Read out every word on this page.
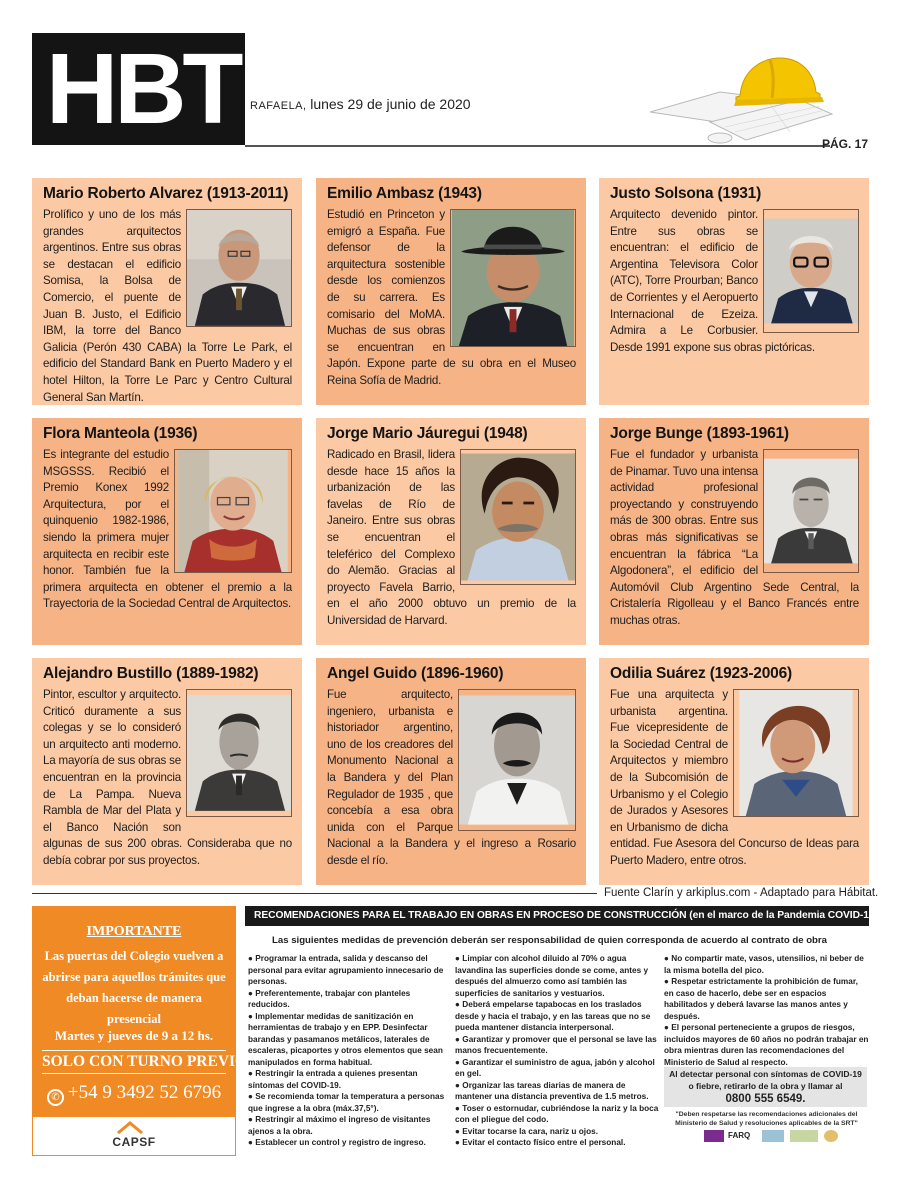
HBT RAFAELA, lunes 29 de junio de 2020
PÁG. 17
Mario Roberto Alvarez (1913-2011)

Prolífico y uno de los más grandes arquitectos argentinos. Entre sus obras se destacan el edificio Somisa, la Bolsa de Comercio, el puente de Juan B. Justo, el Edificio IBM, la torre del Banco Galicia (Perón 430 CABA) la Torre Le Park, el edificio del Standard Bank en Puerto Madero y el hotel Hilton, la Torre Le Parc y Centro Cultural General San Martín.

Emilio Ambasz (1943)

Estudió en Princeton y emigró a España. Fue defensor de la arquitectura sostenible desde los comienzos de su carrera. Es comisario del MoMA. Muchas de sus obras se encuentran en Japón. Expone parte de su obra en el Museo Reina Sofía de Madrid.

Justo Solsona (1931)

Arquitecto devenido pintor. Entre sus obras se encuentran: el edificio de Argentina Televisora Color (ATC), Torre Prourban; Banco de Corrientes y el Aeropuerto Internacional de Ezeiza. Admira a Le Corbusier. Desde 1991 expone sus obras pictóricas.

Flora Manteola (1936)

Es integrante del estudio MSGSSS. Recibió el Premio Konex 1992 Arquitectura, por el quinquenio 1982-1986, siendo la primera mujer arquitecta en recibir este honor. También fue la primera arquitecta en obtener el premio a la Trayectoria de la Sociedad Central de Arquitectos.

Jorge Mario Jáuregui (1948)

Radicado en Brasil, lidera desde hace 15 años la urbanización de las favelas de Río de Janeiro. Entre sus obras se encuentran el teleférico del Complexo do Alemão. Gracias al proyecto Favela Barrio, en el año 2000 obtuvo un premio de la Universidad de Harvard.

Jorge Bunge (1893-1961)

Fue el fundador y urbanista de Pinamar. Tuvo una intensa actividad profesional proyectando y construyendo más de 300 obras. Entre sus obras más significativas se encuentran la fábrica “La Algodonera”, el edificio del Automóvil Club Argentino Sede Central, la Cristalería Rigolleau y el Banco Francés entre muchas otras.

Alejandro Bustillo (1889-1982)

Pintor, escultor y arquitecto. Criticó duramente a sus colegas y se lo consideró un arquitecto anti moderno. La mayoría de sus obras se encuentran en la provincia de La Pampa. Nueva Rambla de Mar del Plata y el Banco Nación son algunas de sus 200 obras. Consideraba que no debía cobrar por sus proyectos.

Angel Guido (1896-1960)

Fue arquitecto, ingeniero, urbanista e historiador argentino, uno de los creadores del Monumento Nacional a la Bandera y del Plan Regulador de 1935 , que concebía a esa obra unida con el Parque Nacional a la Bandera y el ingreso a Rosario desde el río.

Odilia Suárez (1923-2006)

Fue una arquitecta y urbanista argentina. Fue vicepresidente de la Sociedad Central de Arquitectos y miembro de la Subcomisión de Urbanismo y el Colegio de Jurados y Asesores en Urbanismo de dicha entidad. Fue Asesora del Concurso de Ideas para Puerto Madero, entre otros.

Fuente Clarín y arkiplus.com - Adaptado para Hábitat.
IMPORTANTE
Las puertas del Colegio vuelven a abrirse para aquellos trámites que deban hacerse de manera presencial
Martes y jueves de 9 a 12 hs.
SOLO CON TURNO PREVIO
✆ +54 9 3492 52 6796
CAPSF
RECOMENDACIONES PARA EL TRABAJO EN OBRAS EN PROCESO DE CONSTRUCCIÓN (en el marco de la Pandemia COVID-19)
Las siguientes medidas de prevención deberán ser responsabilidad de quien corresponda de acuerdo al contrato de obra

● Programar la entrada, salida y descanso del personal para evitar agrupamiento innecesario de personas.

● Preferentemente, trabajar con planteles reducidos.

● Implementar medidas de sanitización en herramientas de trabajo y en EPP. Desinfectar barandas y pasamanos metálicos, laterales de escaleras, picaportes y otros elementos que sean manipulados en forma habitual.

● Restringir la entrada a quienes presentan síntomas del COVID-19.

● Se recomienda tomar la temperatura a personas que ingrese a la obra (máx.37,5°).

● Restringir al máximo el ingreso de visitantes ajenos a la obra.

● Establecer un control y registro de ingreso.

● Limpiar con alcohol diluido al 70% o agua lavandina las superficies donde se come, antes y después del almuerzo como así también las superficies de sanitarios y vestuarios.

● Deberá empelarse tapabocas en los traslados desde y hacia el trabajo, y en las tareas que no se pueda mantener distancia interpersonal.

● Garantizar y promover que el personal se lave las manos frecuentemente.

● Garantizar el suministro de agua, jabón y alcohol en gel.

● Organizar las tareas diarias de manera de mantener una distancia preventiva de 1.5 metros.

● Toser o estornudar, cubriéndose la nariz y la boca con el pliegue del codo.

● Evitar tocarse la cara, nariz u ojos.

● Evitar el contacto físico entre el personal.

● No compartir mate, vasos, utensilios, ni beber de la misma botella del pico.

● Respetar estrictamente la prohibición de fumar, en caso de hacerlo, debe ser en espacios habilitados y deberá lavarse las manos antes y después.

● El personal perteneciente a grupos de riesgos, incluidos mayores de 60 años no podrán trabajar en obra mientras duren las recomendaciones del Ministerio de Salud al respecto.

Al detectar personal con síntomas de COVID-19
o fiebre, retirarlo de la obra y llamar al
0800 555 6549.
"Deben respetarse las recomendaciones adicionales del Ministerio de Salud y resoluciones aplicables de la SRT"
FARQ
